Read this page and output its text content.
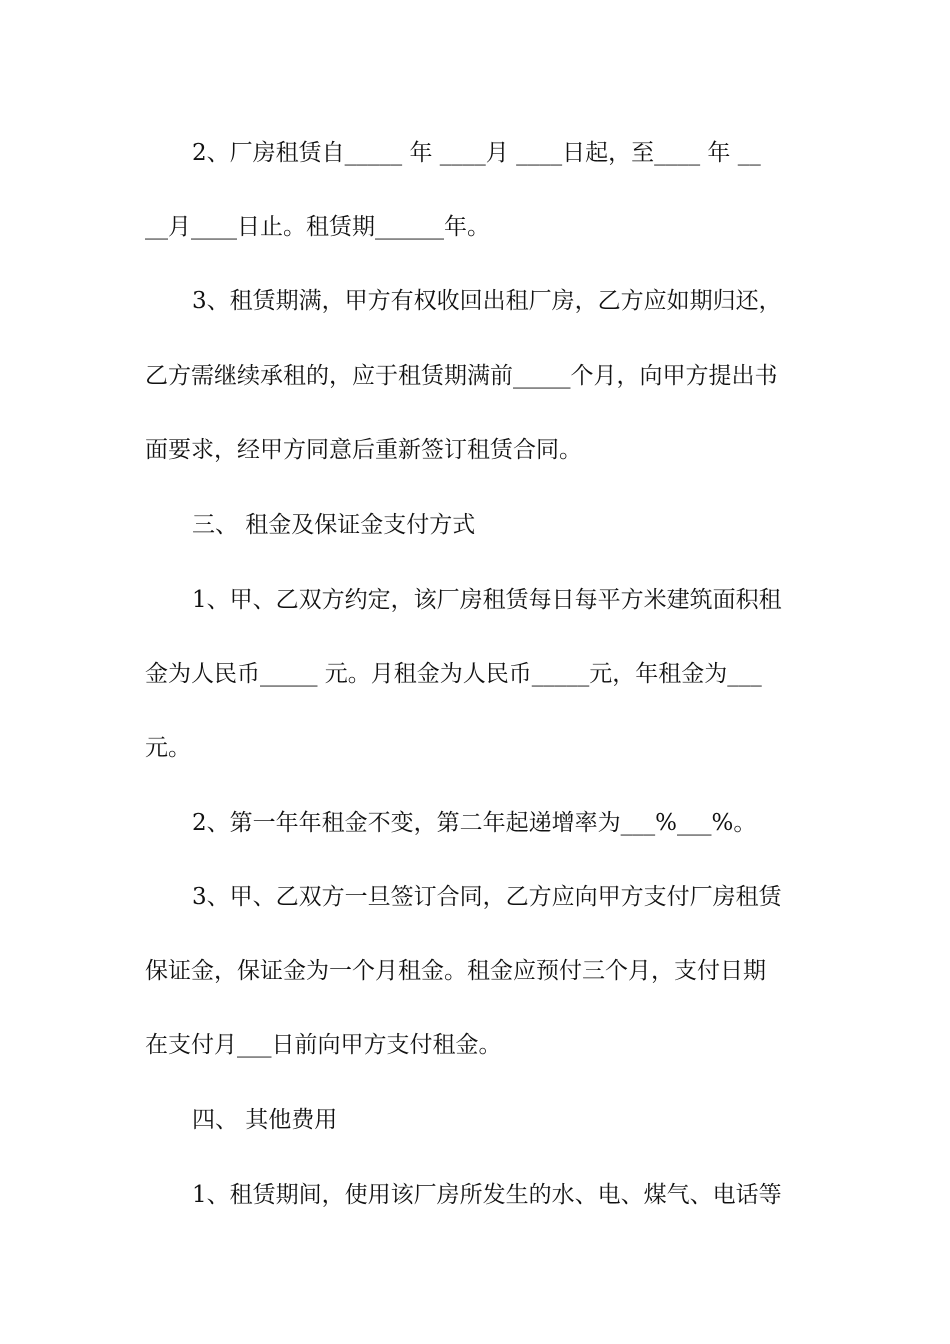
2、厂房租赁自_____ 年 ____月 ____日起，至____ 年 __
__月____日止。租赁期______年。
3、租赁期满，甲方有权收回出租厂房，乙方应如期归还，
乙方需继续承租的，应于租赁期满前_____个月，向甲方提出书
面要求，经甲方同意后重新签订租赁合同。
三、 租金及保证金支付方式
1、甲、乙双方约定，该厂房租赁每日每平方米建筑面积租
金为人民币_____ 元。月租金为人民币_____元，年租金为___
元。
2、第一年年租金不变，第二年起递增率为___%___%。
3、甲、乙双方一旦签订合同，乙方应向甲方支付厂房租赁
保证金，保证金为一个月租金。租金应预付三个月，支付日期
在支付月___日前向甲方支付租金。
四、 其他费用
1、租赁期间，使用该厂房所发生的水、电、煤气、电话等
